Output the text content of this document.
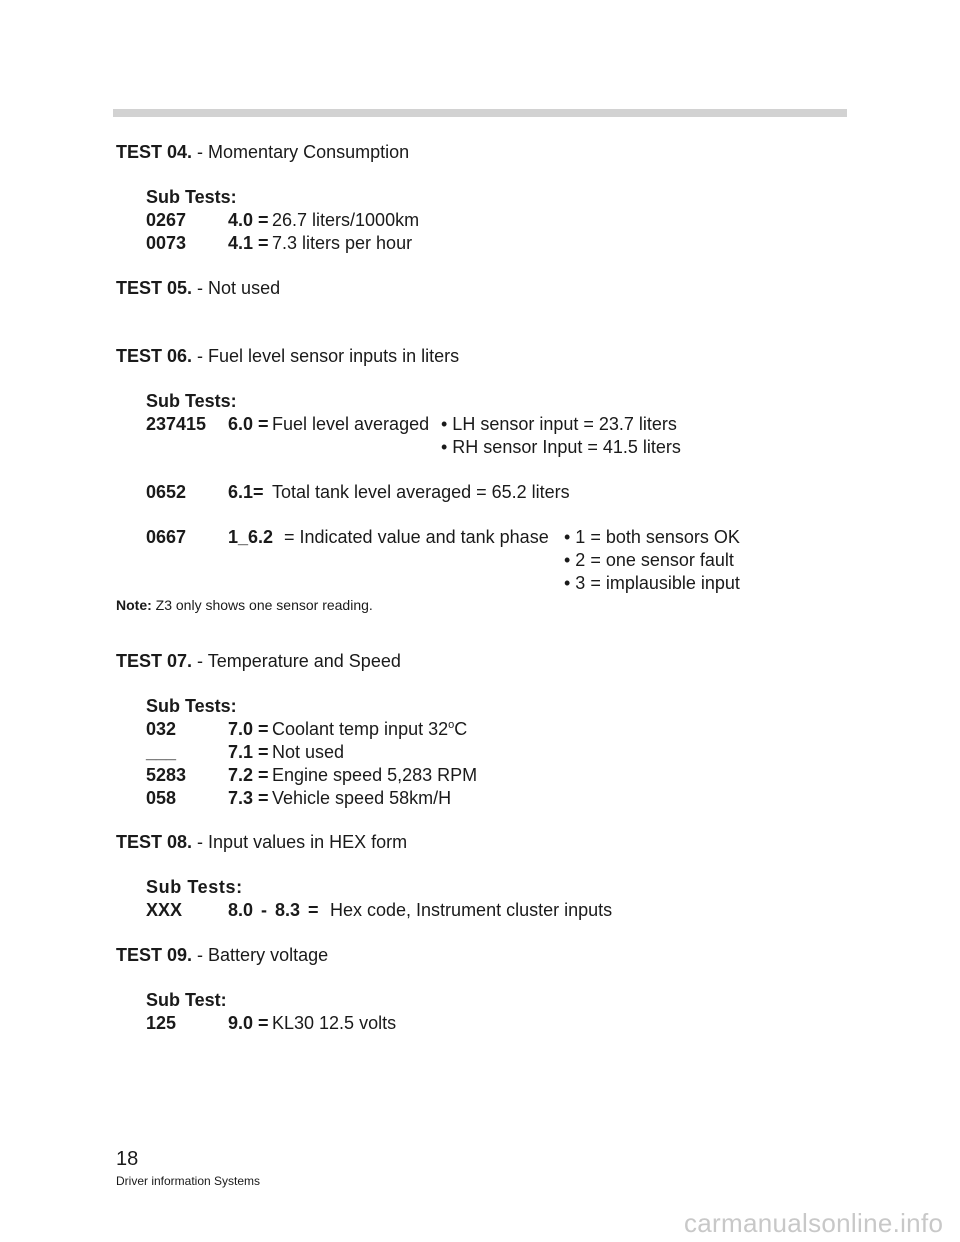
TEST 04. - Momentary Consumption
Sub Tests:
0267 4.0 = 26.7 liters/1000km
0073 4.1 = 7.3 liters per hour
TEST 05. - Not used
TEST 06. - Fuel level sensor inputs in liters
Sub Tests:
237415 6.0 = Fuel level averaged • LH sensor input = 23.7 liters
• RH sensor Input = 41.5 liters
0652 6.1= Total tank level averaged = 65.2 liters
0667 1_6.2 = Indicated value and tank phase • 1 = both sensors OK
• 2 = one sensor fault
• 3 = implausible input
Note: Z3 only shows one sensor reading.
TEST 07. - Temperature and Speed
Sub Tests:
032	7.0 = Coolant temp input 32$^o$C
___	7.1 = Not used
5283 7.2 = Engine speed 5,283 RPM
058	7.3 = Vehicle speed 58km/H
TEST 08. - Input values in HEX form
Sub Tests:
XXX	8.0 - 8.3 = Hex code, Instrument cluster inputs
TEST 09. - Battery voltage
Sub Test:
125	9.0 = KL30 12.5 volts
18
Driver information Systems
carmanualsonline.info
